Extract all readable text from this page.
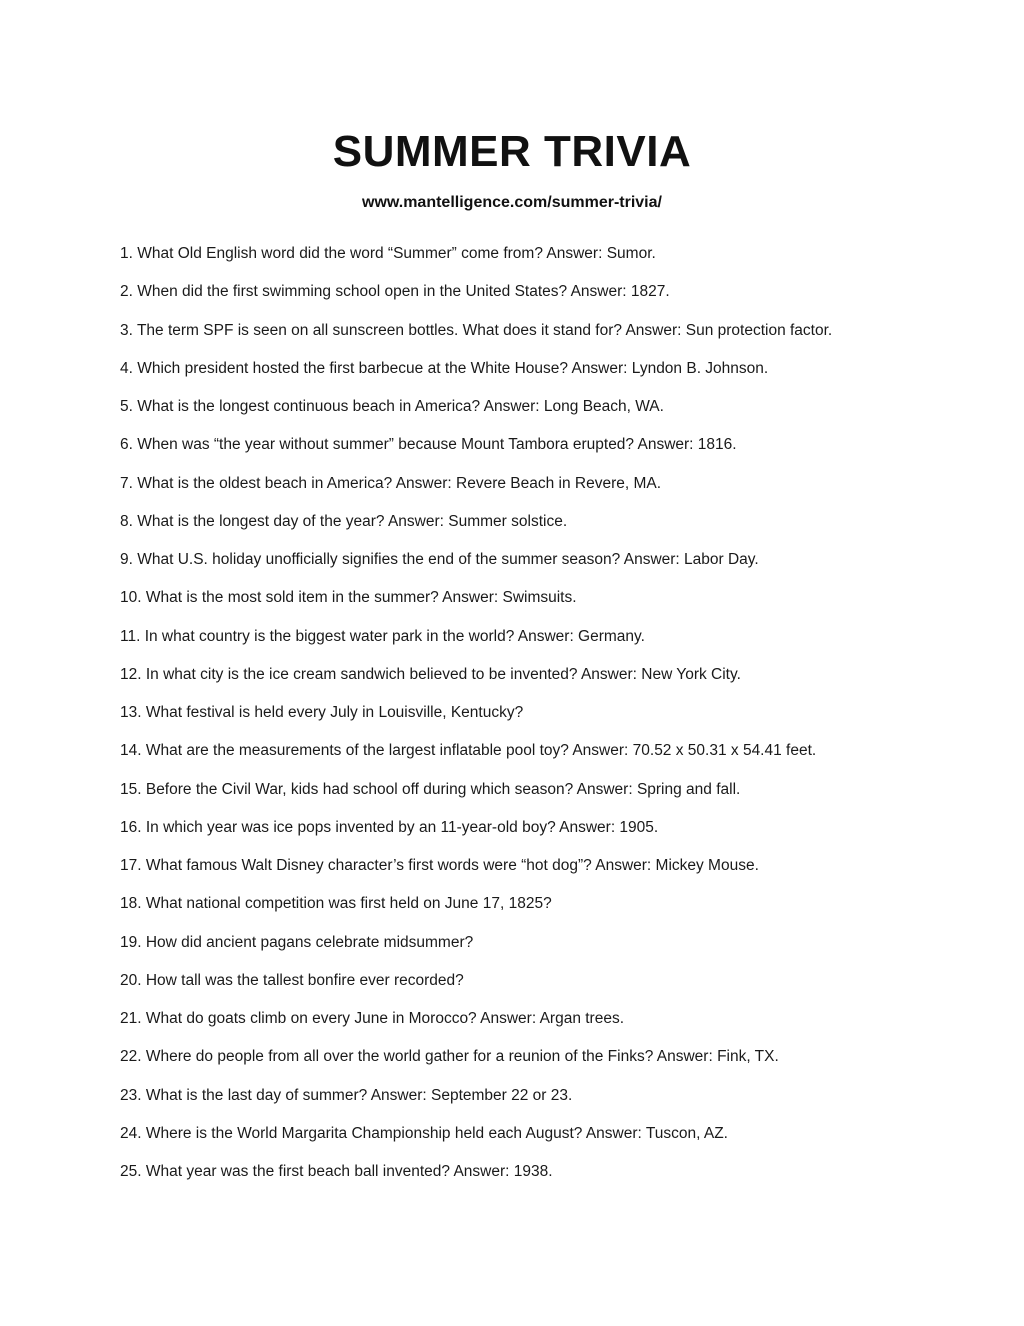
SUMMER TRIVIA
www.mantelligence.com/summer-trivia/
1. What Old English word did the word “Summer” come from? Answer: Sumor.
2. When did the first swimming school open in the United States? Answer: 1827.
3. The term SPF is seen on all sunscreen bottles. What does it stand for? Answer: Sun protection factor.
4. Which president hosted the first barbecue at the White House? Answer: Lyndon B. Johnson.
5. What is the longest continuous beach in America? Answer: Long Beach, WA.
6. When was “the year without summer” because Mount Tambora erupted? Answer: 1816.
7. What is the oldest beach in America? Answer: Revere Beach in Revere, MA.
8. What is the longest day of the year? Answer: Summer solstice.
9. What U.S. holiday unofficially signifies the end of the summer season? Answer: Labor Day.
10. What is the most sold item in the summer? Answer: Swimsuits.
11. In what country is the biggest water park in the world? Answer: Germany.
12. In what city is the ice cream sandwich believed to be invented? Answer: New York City.
13. What festival is held every July in Louisville, Kentucky?
14. What are the measurements of the largest inflatable pool toy? Answer: 70.52 x 50.31 x 54.41 feet.
15. Before the Civil War, kids had school off during which season? Answer: Spring and fall.
16. In which year was ice pops invented by an 11-year-old boy? Answer: 1905.
17. What famous Walt Disney character’s first words were “hot dog”? Answer: Mickey Mouse.
18. What national competition was first held on June 17, 1825?
19. How did ancient pagans celebrate midsummer?
20. How tall was the tallest bonfire ever recorded?
21. What do goats climb on every June in Morocco? Answer: Argan trees.
22. Where do people from all over the world gather for a reunion of the Finks? Answer: Fink, TX.
23. What is the last day of summer? Answer: September 22 or 23.
24. Where is the World Margarita Championship held each August? Answer: Tuscon, AZ.
25. What year was the first beach ball invented? Answer: 1938.
